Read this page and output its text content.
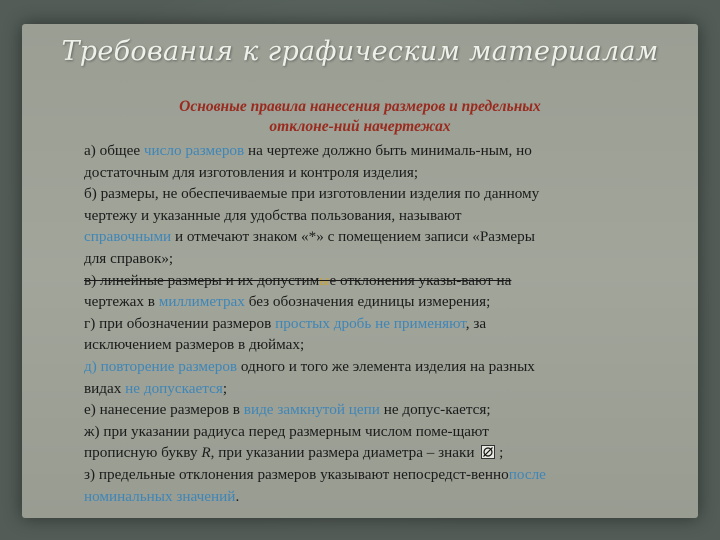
Требования к графическим материалам
Основные правила нанесения размеров и предельных
отклоне-ний начертежах
а) общее число размеров на чертеже должно быть минималь-ным, но
достаточным для изготовления и контроля изделия;
б) размеры, не обеспечиваемые при изготовлении изделия по данному
чертежу и указанные для удобства пользования, называют
справочными и отмечают знаком «*» с помещением записи «Размеры
для справок»;
в) линейные размеры и их допустимые отклонения указы-вают на
чертежах в миллиметрах без обозначения единицы измерения;
г) при обозначении размеров простых дробь не применяют, за
исключением размеров в дюймах;
д) повторение размеров одного и того же элемента изделия на разных
видах не допускается;
е) нанесение размеров в виде замкнутой цепи не допус-кается;
ж) при указании радиуса перед размерным числом поме-щают
прописную букву R, при указании размера диаметра – знаки  ;
з) предельные отклонения размеров указывают непосредст-веннопосле
номинальных значений.
